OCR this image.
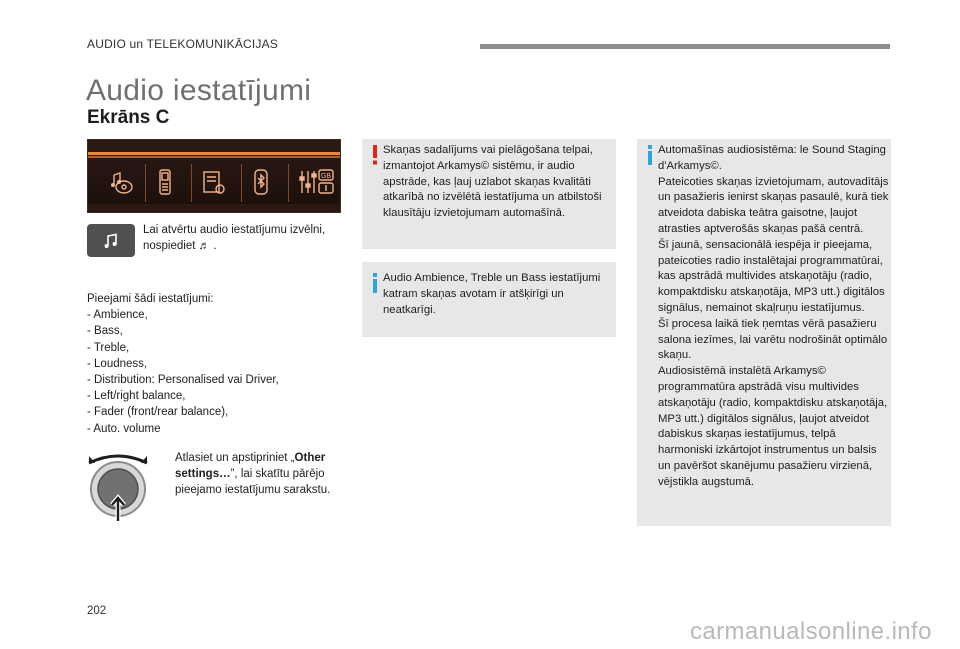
AUDIO un TELEKOMUNIKĀCIJAS
Audio iestatījumi
Ekrāns C
GB

Lai atvērtu audio iestatījumu izvēlni, nospiediet ♬ .

Pieejami šādi iestatījumi:
- Ambience,
- Bass,
- Treble,
- Loudness,
- Distribution: Personalised vai Driver,
- Left/right balance,
- Fader (front/rear balance),
- Auto. volume

Atlasiet un apstipriniet „Other settings…”, lai skatītu pārējo pieejamo iestatījumu sarakstu.

Skaņas sadalījums vai pielāgošana telpai, izmantojot Arkamys© sistēmu, ir audio apstrāde, kas ļauj uzlabot skaņas kvalitāti atkarībā no izvēlētā iestatījuma un atbilstoši klausītāju izvietojumam automašīnā.

Audio Ambience, Treble un Bass iestatījumi katram skaņas avotam ir atšķirīgi un neatkarīgi.

Automašīnas audiosistēma: le Sound Staging d'Arkamys©.
Pateicoties skaņas izvietojumam, autovadītājs un pasažieris ienirst skaņas pasaulē, kurā tiek atveidota dabiska teātra gaisotne, ļaujot atrasties aptverošās skaņas pašā centrā.
Šī jaunā, sensacionālā iespēja ir pieejama, pateicoties radio instalētajai programmatūrai, kas apstrādā multivides atskaņotāju (radio, kompaktdisku atskaņotāja, MP3 utt.) digitālos signālus, nemainot skaļruņu iestatījumus.
Šī procesa laikā tiek ņemtas vērā pasažieru salona iezīmes, lai varētu nodrošināt optimālo skaņu.
Audiosistēmā instalētā Arkamys© programmatūra apstrādā visu multivides atskaņotāju (radio, kompaktdisku atskaņotāja, MP3 utt.) digitālos signālus, ļaujot atveidot dabiskus skaņas iestatījumus, telpā harmoniski izkārtojot instrumentus un balsis un pavēršot skanējumu pasažieru virzienā, vējstikla augstumā.
202
carmanualsonline.info
